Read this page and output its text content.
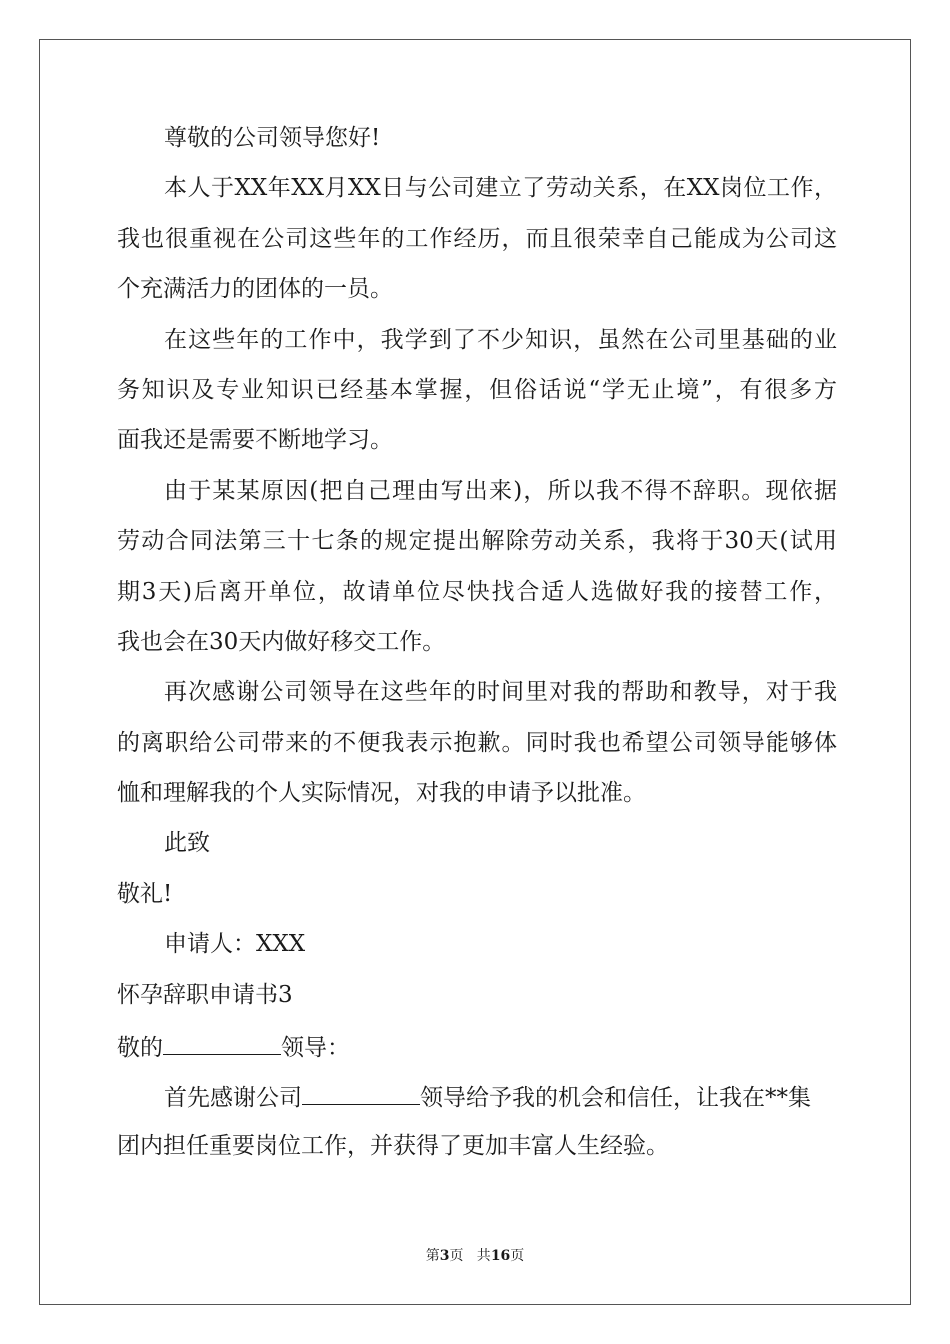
尊敬的公司领导您好!
本人于XX年XX月XX日与公司建立了劳动关系，在XX岗位工作，
我也很重视在公司这些年的工作经历，而且很荣幸自己能成为公司这
个充满活力的团体的一员。
在这些年的工作中，我学到了不少知识，虽然在公司里基础的业
务知识及专业知识已经基本掌握，但俗话说“学无止境”，有很多方
面我还是需要不断地学习。
由于某某原因(把自己理由写出来)，所以我不得不辞职。现依据
劳动合同法第三十七条的规定提出解除劳动关系，我将于30天(试用
期3天)后离开单位，故请单位尽快找合适人选做好我的接替工作，
我也会在30天内做好移交工作。
再次感谢公司领导在这些年的时间里对我的帮助和教导，对于我
的离职给公司带来的不便我表示抱歉。同时我也希望公司领导能够体
恤和理解我的个人实际情况，对我的申请予以批准。
此致
敬礼!
申请人：XXX
怀孕辞职申请书3
敬的	领导：
首先感谢公司	领导给予我的机会和信任，让我在**集
团内担任重要岗位工作，并获得了更加丰富人生经验。
第3页   共16页
